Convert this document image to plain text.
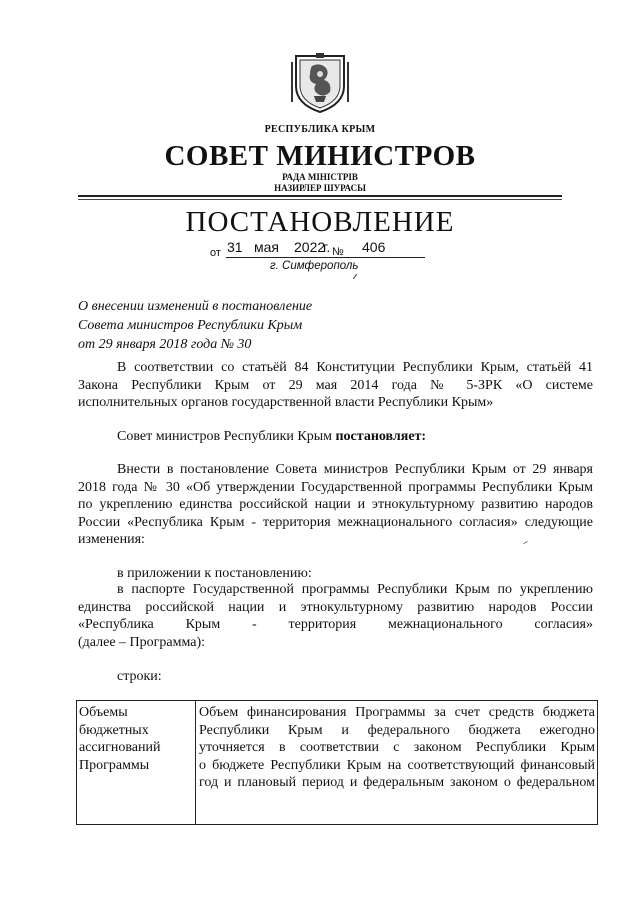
РЕСПУБЛИКА КРЫМ
СОВЕТ МИНИСТРОВ
РАДА МІНІСТРІВ
НАЗИРЛЕР ШУРАСЫ
ПОСТАНОВЛЕНИЕ
от 31 мая 2022
г. № 406
г. Симферополь
О внесении изменений в постановление
Совета министров Республики Крым
от 29 января 2018 года № 30
В соответствии со статьёй 84 Конституции Республики Крым, статьёй 41
Закона Республики Крым от 29 мая 2014 года № 5-ЗРК «О системе
исполнительных органов государственной власти Республики Крым»
Совет министров Республики Крым постановляет:
Внести в постановление Совета министров Республики Крым от 29 января
2018 года № 30 «Об утверждении Государственной программы Республики Крым
по укреплению единства российской нации и этнокультурному развитию народов
России «Республика Крым - территория межнационального согласия» следующие
изменения:
в приложении к постановлению:
в паспорте Государственной программы Республики Крым по укреплению
единства российской нации и этнокультурному развитию народов России
«Республика Крым - территория межнационального согласия»
(далее – Программа):
строки:
Объемы
бюджетных
ассигнований
Программы
Объем финансирования Программы за счет средств бюджета
Республики Крым и федерального бюджета ежегодно
уточняется в соответствии с законом Республики Крым
о бюджете Республики Крым на соответствующий финансовый
год и плановый период и федеральным законом о федеральном
